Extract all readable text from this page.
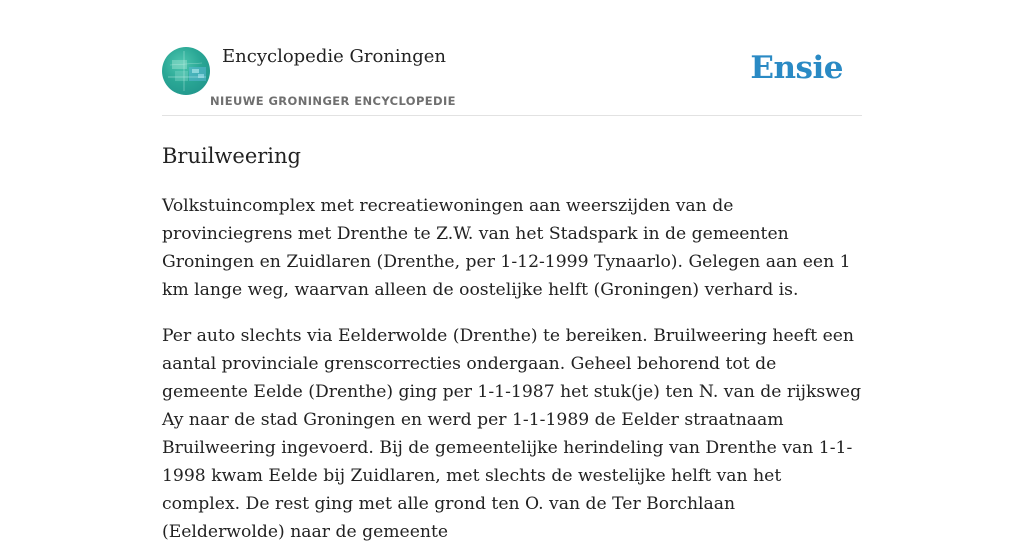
Encyclopedie Groningen
NIEUWE GRONINGER ENCYCLOPEDIE
Ensie
Bruilweering

Volkstuincomplex met recreatiewoningen aan weerszijden van de provinciegrens met Drenthe te Z.W. van het Stadspark in de gemeenten Groningen en Zuidlaren (Drenthe, per 1-12-1999 Tynaarlo). Gelegen aan een 1 km lange weg, waarvan alleen de oostelijke helft (Groningen) verhard is.

Per auto slechts via Eelderwolde (Drenthe) te bereiken. Bruilweering heeft een aantal provinciale grenscorrecties ondergaan. Geheel behorend tot de gemeente Eelde (Drenthe) ging per 1-1-1987 het stuk(je) ten N. van de rijksweg Ay naar de stad Groningen en werd per 1-1-1989 de Eelder straatnaam Bruilweering ingevoerd. Bij de gemeentelijke herindeling van Drenthe van 1-1-1998 kwam Eelde bij Zuidlaren, met slechts de westelijke helft van het complex. De rest ging met alle grond ten O. van de Ter Borchlaan (Eelderwolde) naar de gemeente
